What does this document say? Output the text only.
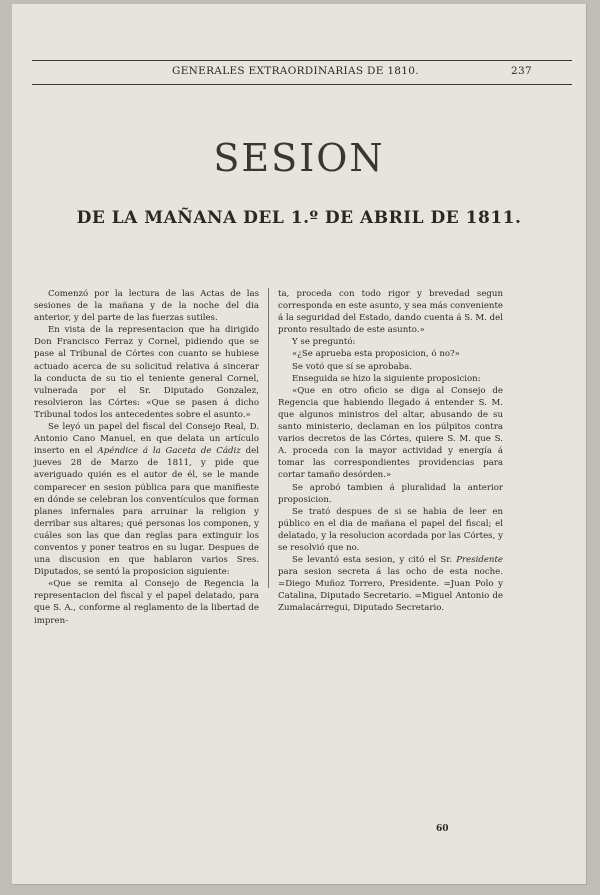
GENERALES EXTRAORDINARIAS DE 1810.	237
SESION
DE LA MAÑANA DEL 1.º DE ABRIL DE 1811.

Comenzó por la lectura de las Actas de las sesiones de la mañana y de la noche del dia anterior, y del parte de las fuerzas sutiles.

En vista de la representacion que ha dirigido Don Francisco Ferraz y Cornel, pidiendo que se pase al Tribunal de Córtes con cuanto se hubiese actuado acerca de su solicitud relativa á sincerar la conducta de su tio el teniente general Cornel, vulnerada por el Sr. Diputado Gonzalez, resolvieron las Córtes: «Que se pasen á dicho Tribunal todos los antecedentes sobre el asunto.»

Se leyó un papel del fiscal del Consejo Real, D. Antonio Cano Manuel, en que delata un artículo inserto en el Apéndice á la Gaceta de Cádiz del jueves 28 de Marzo de 1811, y pide que averiguado quién es el autor de él, se le mande comparecer en sesion pública para que manifieste en dónde se celebran los conventículos que forman planes infernales para arruinar la religion y derribar sus altares; qué personas los componen, y cuáles son las que dan reglas para extinguir los conventos y poner teatros en su lugar. Despues de una discusion en que hablaron varios Sres. Diputados, se sentó la proposicion siguiente:

«Que se remita al Consejo de Regencia la representacion del fiscal y el papel delatado, para que S. A., conforme al reglamento de la libertad de impren-

ta, proceda con todo rigor y brevedad segun corresponda en este asunto, y sea más conveniente á la seguridad del Estado, dando cuenta á S. M. del pronto resultado de este asunto.»

Y se preguntó:

«¿Se aprueba esta proposicion, ó no?»

Se votó que sí se aprobaba.

Enseguida se hizo la siguiente proposicion:

«Que en otro oficio se diga al Consejo de Regencia que habiendo llegado á entender S. M. que algunos ministros del altar, abusando de su santo ministerio, declaman en los púlpitos contra varios decretos de las Córtes, quiere S. M. que S. A. proceda con la mayor actividad y energía á tomar las correspondientes providencias para cortar tamaño desórden.»

Se aprobó tambien á pluralidad la anterior proposicion.

Se trató despues de si se habia de leer en público en el dia de mañana el papel del fiscal; el delatado, y la resolucion acordada por las Córtes, y se resolvió que no.

Se levantó esta sesion, y citó el Sr. Presidente para sesion secreta á las ocho de esta noche. =Diego Muñoz Torrero, Presidente. =Juan Polo y Catalina, Diputado Secretario. =Miguel Antonio de Zumalacárregui, Diputado Secretario.

60
